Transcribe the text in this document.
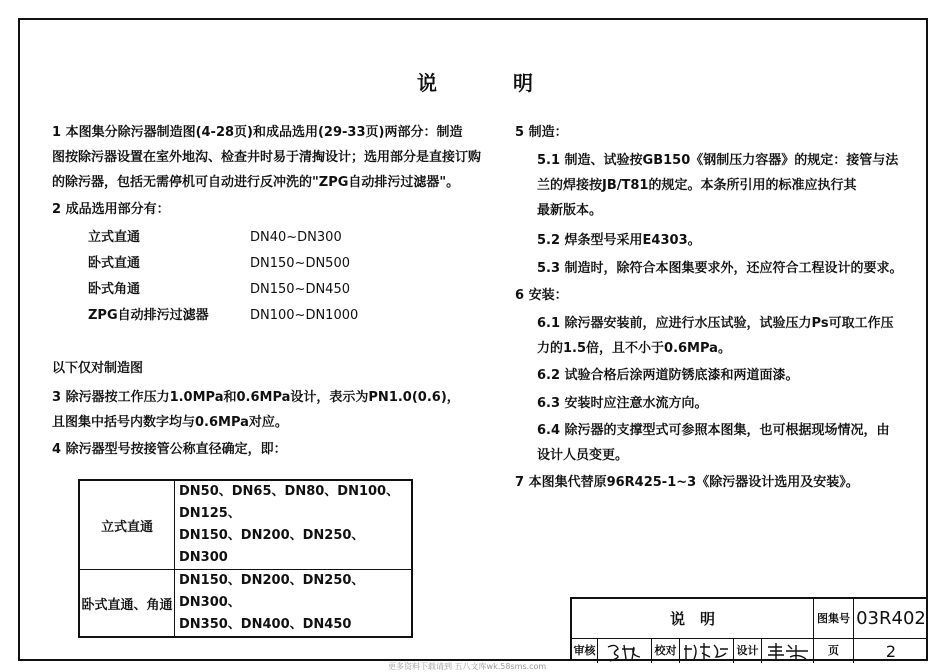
说　明
1 本图集分除污器制造图(4-28页)和成品选用(29-33页)两部分：制造
图按除污器设置在室外地沟、检查井时易于清掏设计；选用部分是直接订购
的除污器，包括无需停机可自动进行反冲洗的"ZPG自动排污过滤器"。
2 成品选用部分有：
立式直通	DN40~DN300
卧式直通	DN150~DN500
卧式角通	DN150~DN450
ZPG自动排污过滤器	DN100~DN1000
以下仅对制造图
3 除污器按工作压力1.0MPa和0.6MPa设计，表示为PN1.0(0.6)，
且图集中括号内数字均与0.6MPa对应。
4 除污器型号按接管公称直径确定，即：
立式直通	DN50、DN65、DN80、DN100、DN125、
DN150、DN200、DN250、DN300

卧式直通、角通	DN150、DN200、DN250、DN300、
DN350、DN400、DN450
5 制造：
5.1 制造、试验按GB150《钢制压力容器》的规定：接管与法
兰的焊接按JB/T81的规定。本条所引用的标准应执行其
最新版本。
5.2 焊条型号采用E4303。
5.3 制造时，除符合本图集要求外，还应符合工程设计的要求。
6 安装：
6.1 除污器安装前，应进行水压试验，试验压力Ps可取工作压
力的1.5倍，且不小于0.6MPa。
6.2 试验合格后涂两道防锈底漆和两道面漆。
6.3 安装时应注意水流方向。
6.4 除污器的支撑型式可参照本图集，也可根据现场情况，由
设计人员变更。
7 本图集代替原96R425-1~3《除污器设计选用及安装》。
说　明	图集号 03R402
审核	校对	设计	页	2
更多资料下载请到 五八文库wk.58sms.com
